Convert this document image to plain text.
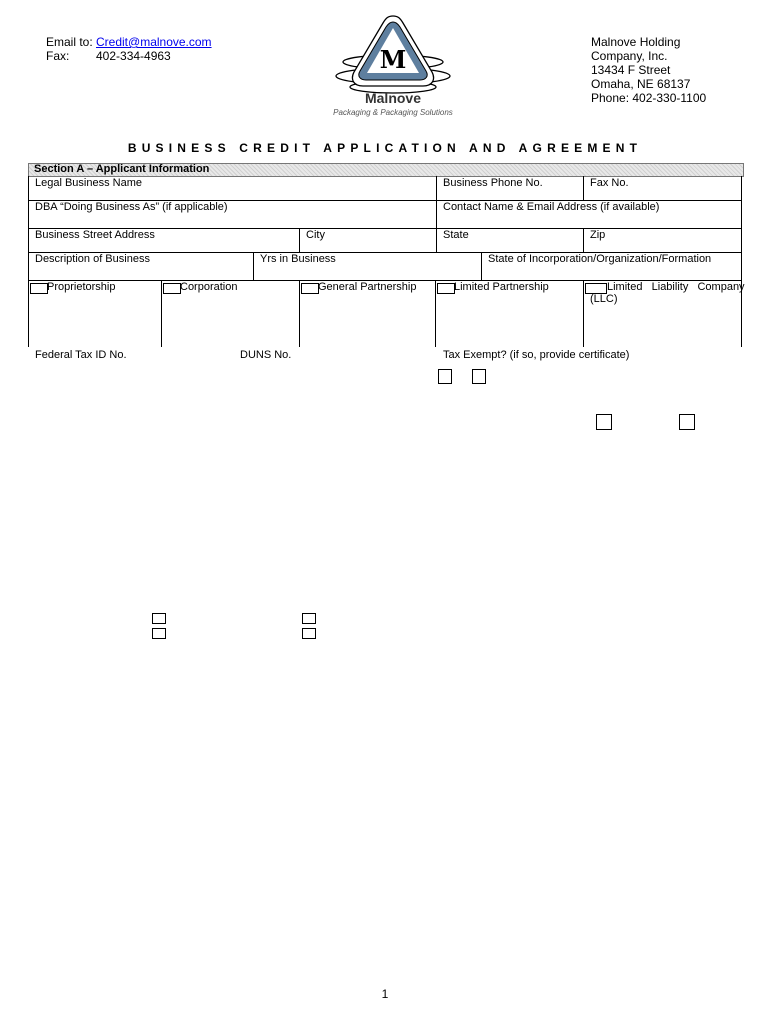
Email to: Credit@malnove.com
Fax: 402-334-4963	M
Malnove
Packaging & Packaging Solutions
Malnove Holding
Company, Inc.
13434 F Street
Omaha, NE 68137
Phone: 402-330-1100
BUSINESS CREDIT APPLICATION AND AGREEMENT
Section A – Applicant Information
Legal Business Name	Business Phone No.	Fax No.
DBA “Doing Business As” (if applicable)	Contact Name & Email Address (if available)
Business Street Address	City	State	Zip
Description of Business	Yrs in Business	State of Incorporation/Organization/Formation
Proprietorship	Corporation	General Partnership	Limited Partnership	Limited   Liability   Company
(LLC)
Federal Tax ID No.	DUNS No.	Tax Exempt? (if so, provide certificate)
1
